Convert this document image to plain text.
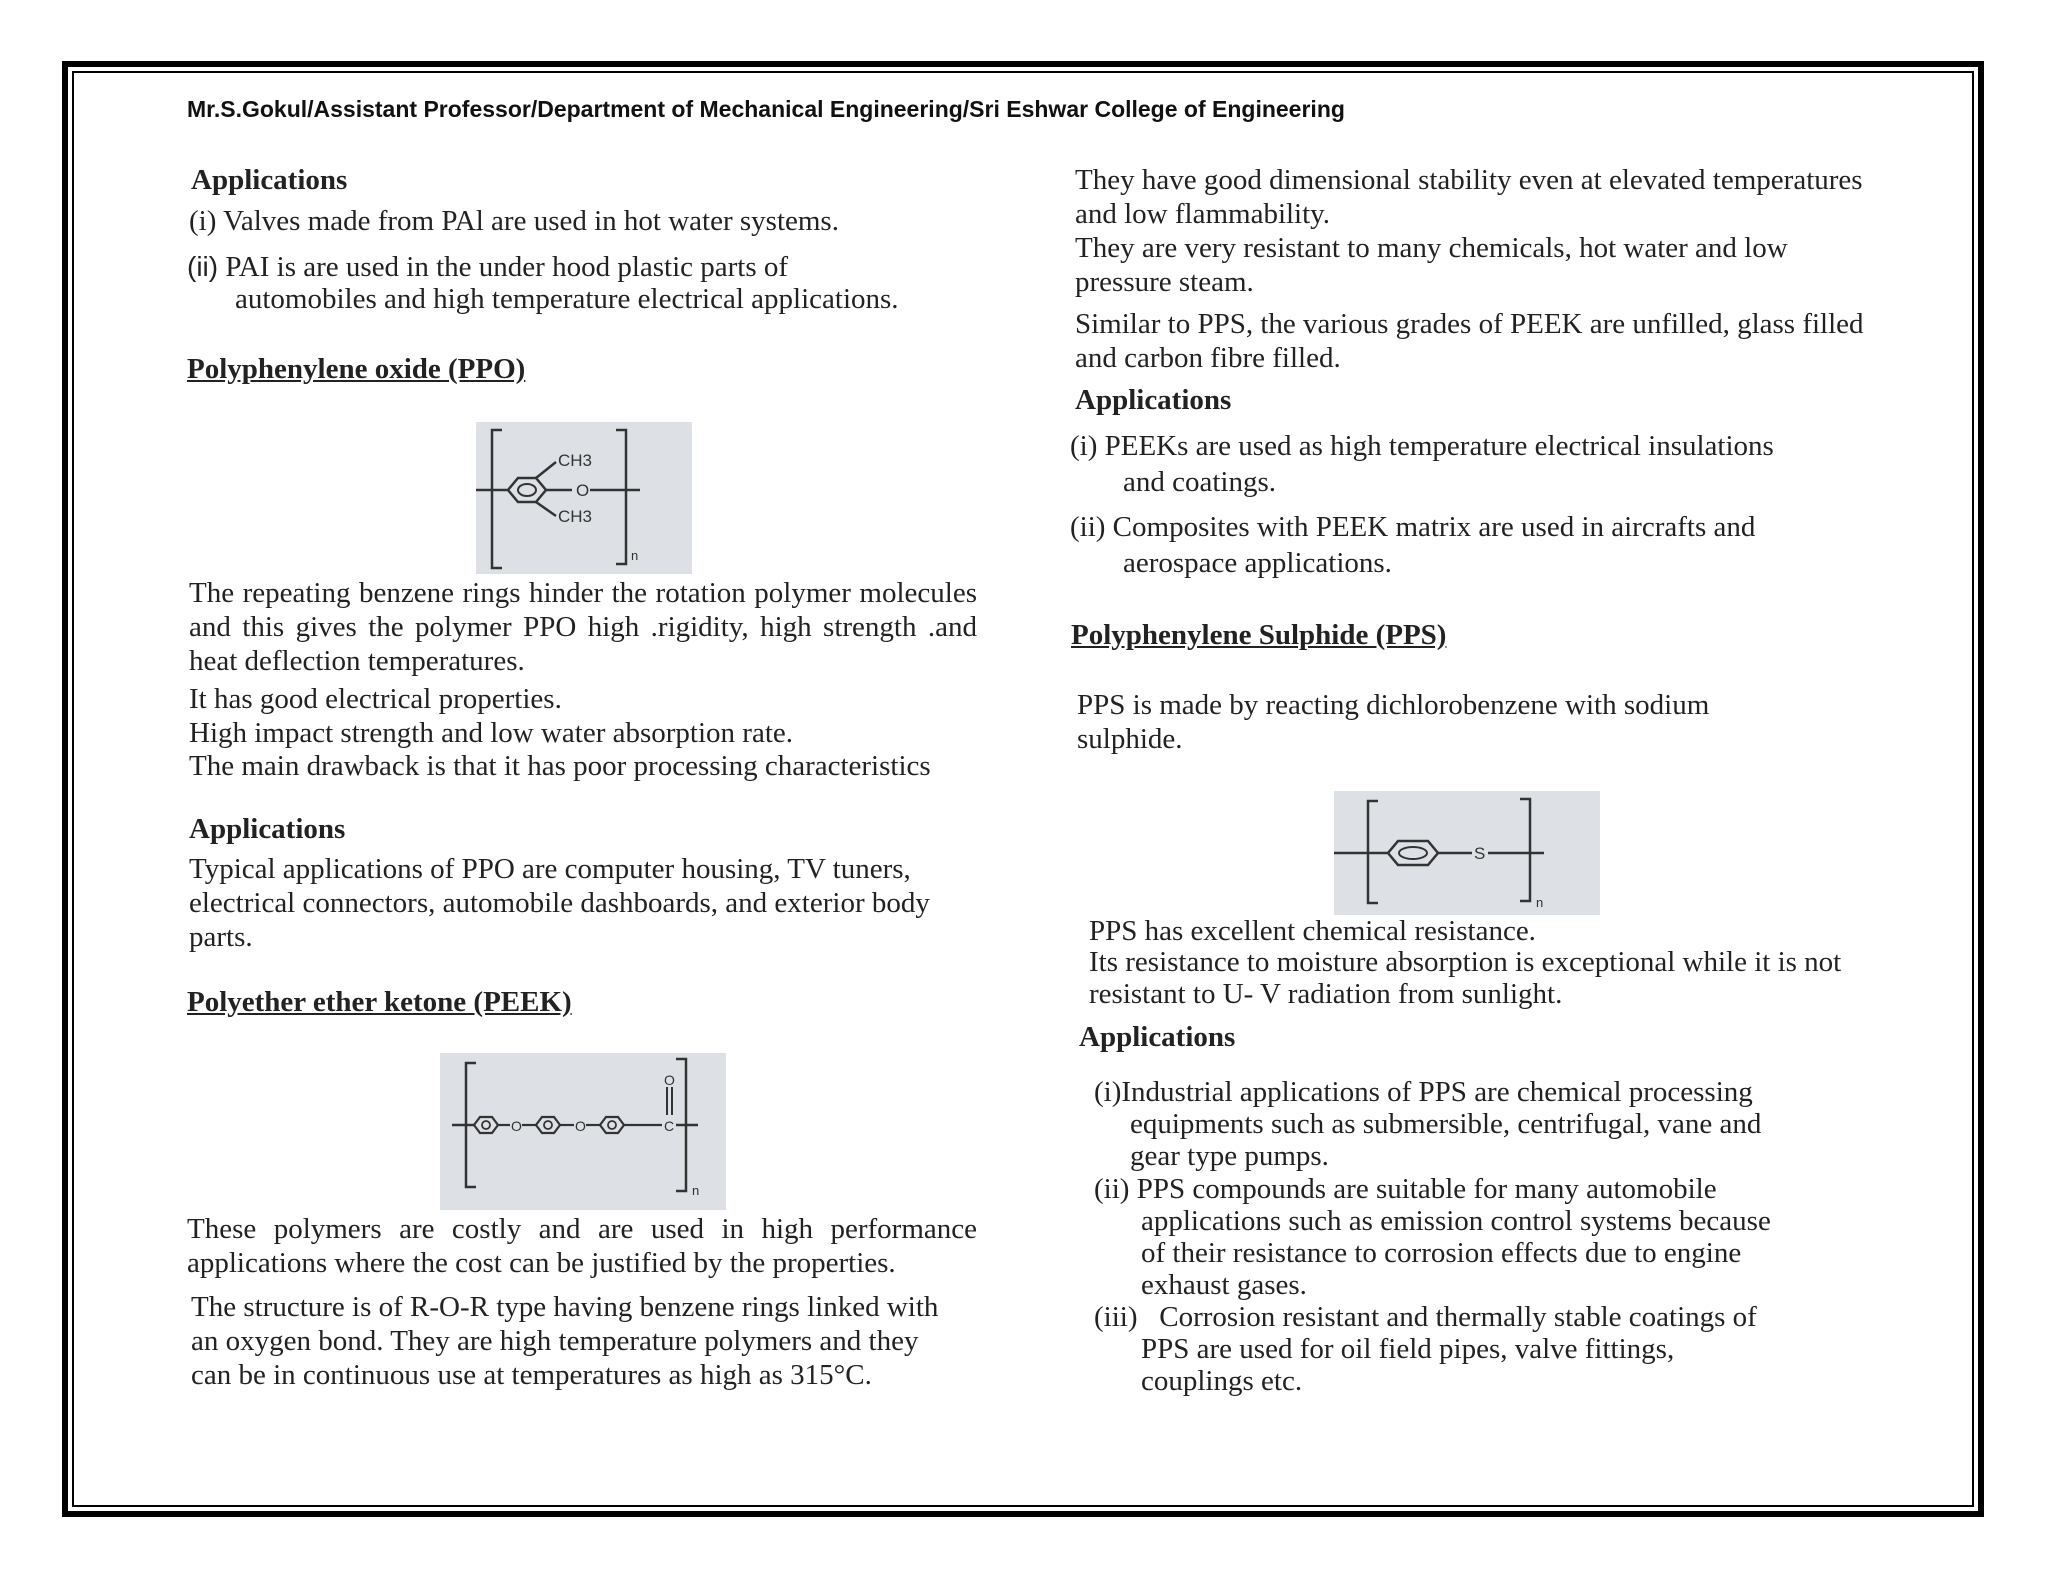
Mr.S.Gokul/Assistant Professor/Department of Mechanical Engineering/Sri Eshwar College of Engineering
Applications
(i) Valves made from PAl are used in hot water systems.
(ii) PAI is are used in the under hood plastic parts of
automobiles and high temperature electrical applications.
Polyphenylene oxide (PPO)
CH3
CH3
O
n
The repeating benzene rings hinder the rotation polymer molecules and this gives the polymer PPO high .rigidity, high strength .and heat deflection temperatures.
It has good electrical properties.
High impact strength and low water absorption rate.
The main drawback is that it has poor processing characteristics
Applications
Typical applications of PPO are computer housing, TV tuners, electrical connectors, automobile dashboards, and exterior body parts.
Polyether ether ketone (PEEK)
O	O	C
O
n
These polymers are costly and are used in high performance applications where the cost can be justified by the properties.
The structure is of R-O-R type having benzene rings linked with an oxygen bond. They are high temperature polymers and they can be in continuous use at temperatures as high as 315°C.
They have good dimensional stability even at elevated temperatures and low flammability.
They are very resistant to many chemicals, hot water and low pressure steam.
Similar to PPS, the various grades of PEEK are unfilled, glass filled and carbon fibre filled.
Applications
(i) PEEKs are used as high temperature electrical insulations
and coatings.
(ii) Composites with PEEK matrix are used in aircrafts and
aerospace applications.
Polyphenylene Sulphide (PPS)
PPS is made by reacting dichlorobenzene with sodium sulphide.
S
n
PPS has excellent chemical resistance.
Its resistance to moisture absorption is exceptional while it is not resistant to U- V radiation from sunlight.
Applications
(i)Industrial applications of PPS are chemical processing
equipments such as submersible, centrifugal, vane and
gear type pumps.
(ii) PPS compounds are suitable for many automobile
applications such as emission control systems because
of their resistance to corrosion effects due to engine
exhaust gases.
(iii) Corrosion resistant and thermally stable coatings of
PPS are used for oil field pipes, valve fittings,
couplings etc.
